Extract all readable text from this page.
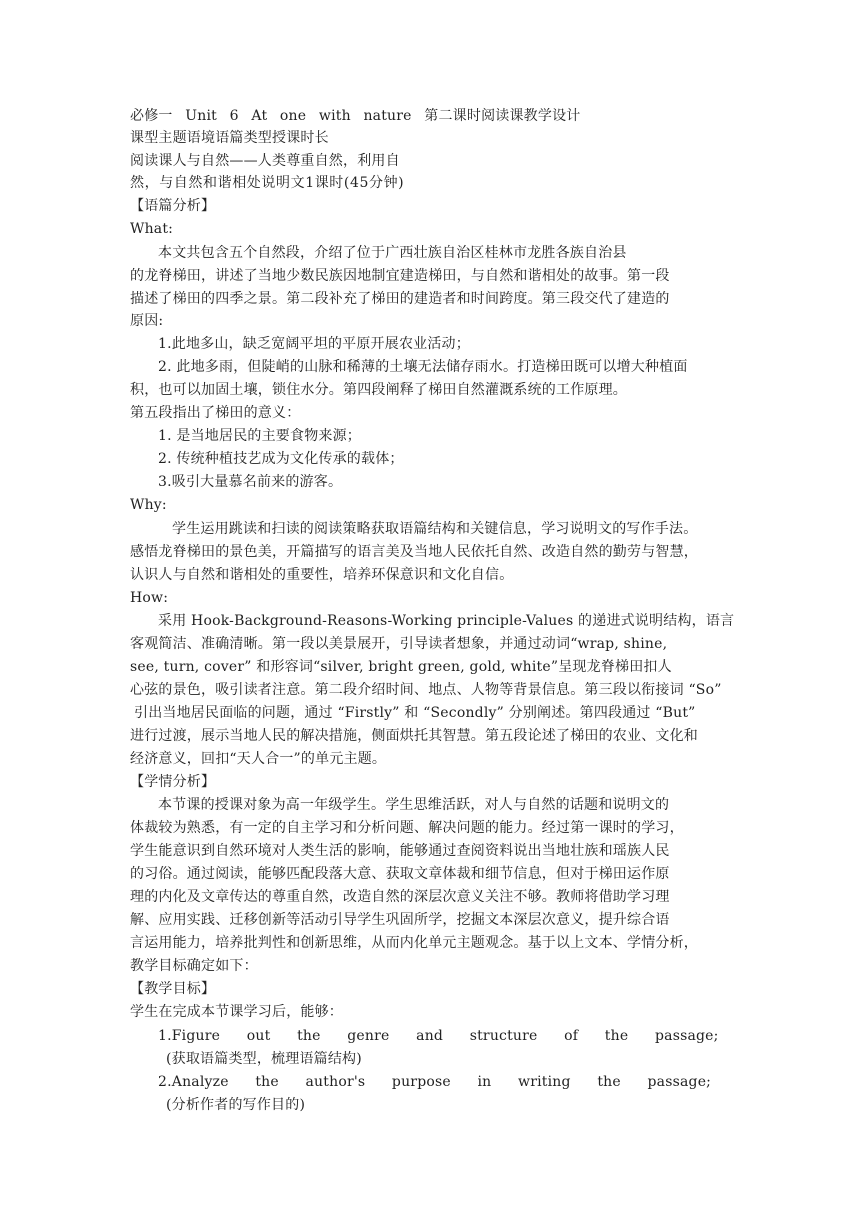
必修一 Unit 6 At one with nature 第二课时阅读课教学设计
课型主题语境语篇类型授课时长
阅读课人与自然——人类尊重自然，利用自
然，与自然和谐相处说明文1课时(45分钟)
【语篇分析】
What:
本文共包含五个自然段，介绍了位于广西壮族自治区桂林市龙胜各族自治县
的龙脊梯田，讲述了当地少数民族因地制宜建造梯田，与自然和谐相处的故事。第一段
描述了梯田的四季之景。第二段补充了梯田的建造者和时间跨度。第三段交代了建造的
原因:
1.此地多山，缺乏宽阔平坦的平原开展农业活动；
2. 此地多雨，但陡峭的山脉和稀薄的土壤无法储存雨水。打造梯田既可以增大种植面
积，也可以加固土壤，锁住水分。第四段阐释了梯田自然灌溉系统的工作原理。
第五段指出了梯田的意义：
1. 是当地居民的主要食物来源；
2. 传统种植技艺成为文化传承的载体；
3.吸引大量慕名前来的游客。
Why:
学生运用跳读和扫读的阅读策略获取语篇结构和关键信息，学习说明文的写作手法。
感悟龙脊梯田的景色美，开篇描写的语言美及当地人民依托自然、改造自然的勤劳与智慧，
认识人与自然和谐相处的重要性，培养环保意识和文化自信。
How:
采用 Hook-Background-Reasons-Working principle-Values 的递进式说明结构，语言
客观简洁、准确清晰。第一段以美景展开，引导读者想象，并通过动词“wrap, shine,
see, turn, cover” 和形容词“silver, bright green, gold, white”呈现龙脊梯田扣人
心弦的景色，吸引读者注意。第二段介绍时间、地点、人物等背景信息。第三段以衔接词 “So”
引出当地居民面临的问题，通过 “Firstly” 和 “Secondly” 分别阐述。第四段通过 “But”
进行过渡，展示当地人民的解决措施，侧面烘托其智慧。第五段论述了梯田的农业、文化和
经济意义，回扣“天人合一”的单元主题。
【学情分析】
本节课的授课对象为高一年级学生。学生思维活跃，对人与自然的话题和说明文的
体裁较为熟悉，有一定的自主学习和分析问题、解决问题的能力。经过第一课时的学习，
学生能意识到自然环境对人类生活的影响，能够通过查阅资料说出当地壮族和瑶族人民
的习俗。通过阅读，能够匹配段落大意、获取文章体裁和细节信息，但对于梯田运作原
理的内化及文章传达的尊重自然，改造自然的深层次意义关注不够。教师将借助学习理
解、应用实践、迁移创新等活动引导学生巩固所学，挖掘文本深层次意义，提升综合语
言运用能力，培养批判性和创新思维，从而内化单元主题观念。基于以上文本、学情分析，
教学目标确定如下：
【教学目标】
学生在完成本节课学习后，能够：
1.Figure out the genre and structure of the passage;
(获取语篇类型，梳理语篇结构)
2.Analyze the author's purpose in writing the passage;
(分析作者的写作目的)
